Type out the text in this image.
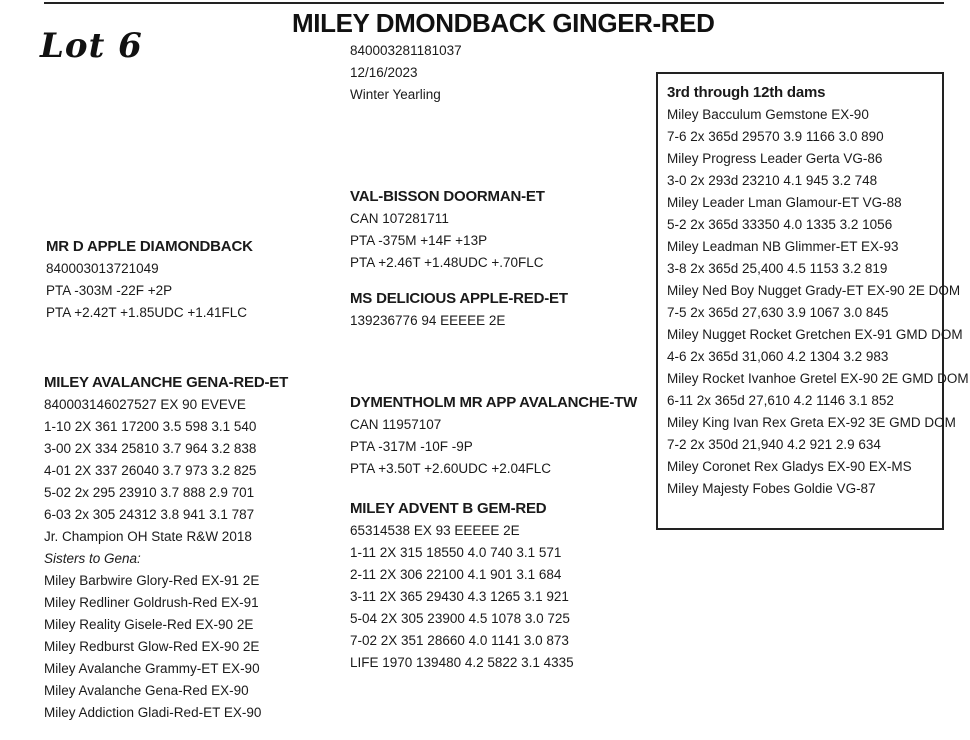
Lot 6
MILEY DMONDBACK GINGER-RED
840003281181037
12/16/2023
Winter Yearling
MR D APPLE DIAMONDBACK
840003013721049
PTA -303M -22F +2P
PTA +2.42T +1.85UDC +1.41FLC
MILEY AVALANCHE GENA-RED-ET
840003146027527 EX 90 EVEVE
1-10 2X 361 17200 3.5 598 3.1 540
3-00 2X 334 25810 3.7 964 3.2 838
4-01 2X 337 26040 3.7 973 3.2 825
5-02 2x 295 23910 3.7 888 2.9 701
6-03 2x 305 24312 3.8 941 3.1 787
Jr. Champion OH State R&W 2018
Sisters to Gena:
Miley Barbwire Glory-Red EX-91 2E
Miley Redliner Goldrush-Red EX-91
Miley Reality Gisele-Red EX-90 2E
Miley Redburst Glow-Red EX-90 2E
Miley Avalanche Grammy-ET EX-90
Miley Avalanche Gena-Red EX-90
Miley Addiction Gladi-Red-ET EX-90
VAL-BISSON DOORMAN-ET
CAN 107281711
PTA -375M +14F +13P
PTA +2.46T +1.48UDC +.70FLC
MS DELICIOUS APPLE-RED-ET
139236776 94 EEEEE 2E
DYMENTHOLM MR APP AVALANCHE-TW
CAN 11957107
PTA -317M -10F -9P
PTA +3.50T +2.60UDC +2.04FLC
MILEY ADVENT B GEM-RED
65314538 EX 93 EEEEE 2E
1-11 2X 315 18550 4.0 740 3.1 571
2-11 2X 306 22100 4.1 901 3.1 684
3-11 2X 365 29430 4.3 1265 3.1 921
5-04 2X 305 23900 4.5 1078 3.0 725
7-02 2X 351 28660 4.0 1141 3.0 873
LIFE 1970 139480 4.2 5822 3.1 4335
3rd through 12th dams
Miley Bacculum Gemstone EX-90
7-6 2x 365d 29570 3.9 1166 3.0 890
Miley Progress Leader Gerta VG-86
3-0 2x 293d 23210 4.1 945 3.2 748
Miley Leader Lman Glamour-ET VG-88
5-2 2x 365d 33350 4.0 1335 3.2 1056
Miley Leadman NB Glimmer-ET EX-93
3-8 2x 365d 25,400 4.5 1153 3.2 819
Miley Ned Boy Nugget Grady-ET EX-90 2E DOM
7-5 2x 365d 27,630 3.9 1067 3.0 845
Miley Nugget Rocket Gretchen EX-91 GMD DOM
4-6 2x 365d 31,060 4.2 1304 3.2 983
Miley Rocket Ivanhoe Gretel EX-90 2E GMD DOM
6-11 2x 365d 27,610 4.2 1146 3.1 852
Miley King Ivan Rex Greta EX-92 3E GMD DOM
7-2 2x 350d 21,940 4.2 921 2.9 634
Miley Coronet Rex Gladys EX-90 EX-MS
Miley Majesty Fobes Goldie VG-87
